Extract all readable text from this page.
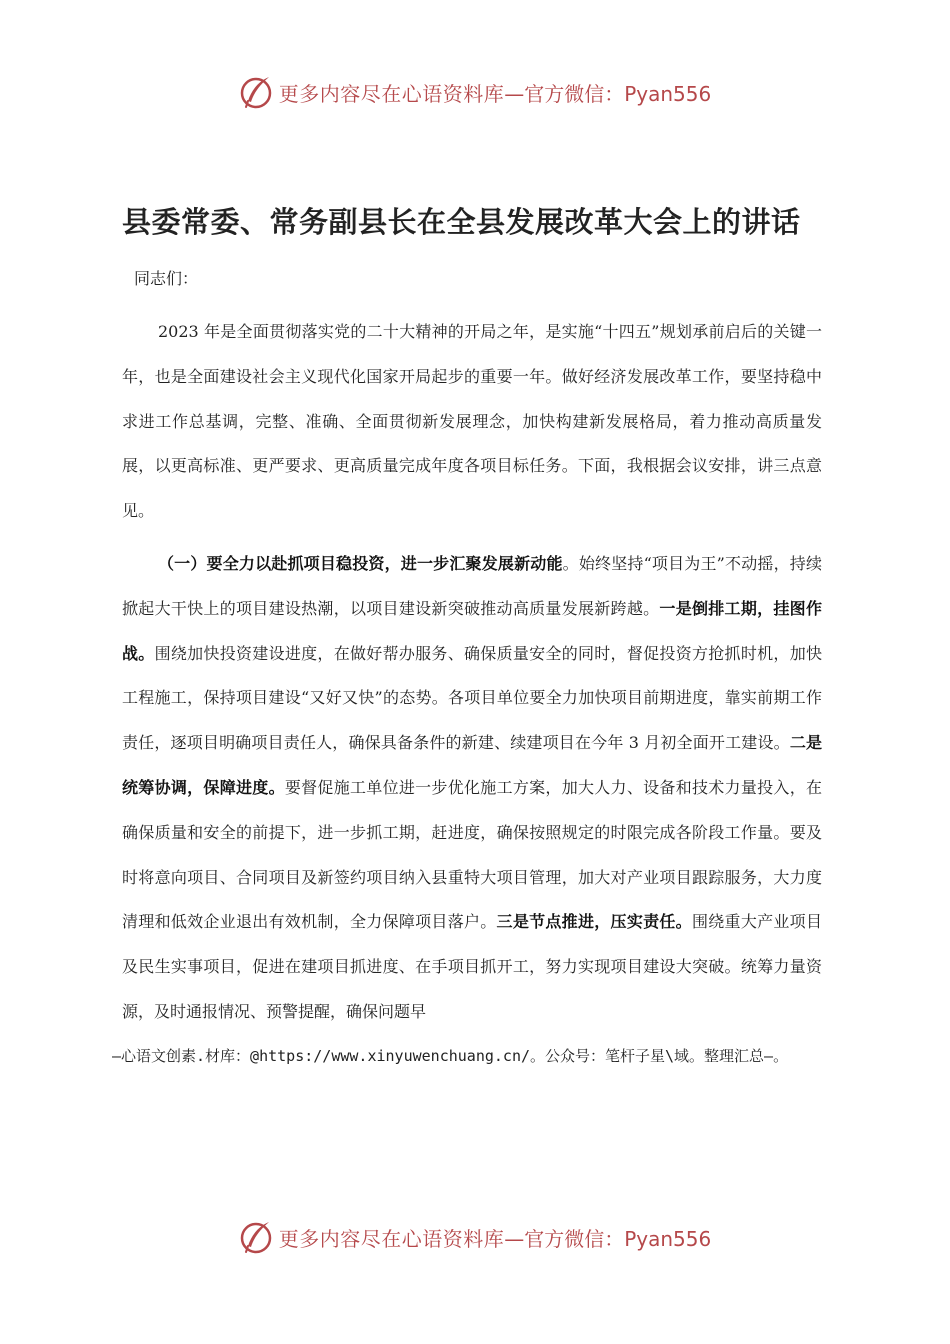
更多内容尽在心语资料库 —官方微信：Pyan556
县委常委、常务副县长在全县发展改革大会上的讲话
同志们：

2023 年是全面贯彻落实党的二十大精神的开局之年，是实施“十四五”规划承前启后的关键一年，也是全面建设社会主义现代化国家开局起步的重要一年。做好经济发展改革工作，要坚持稳中求进工作总基调，完整、准确、全面贯彻新发展理念，加快构建新发展格局，着力推动高质量发展，以更高标准、更严要求、更高质量完成年度各项目标任务。下面，我根据会议安排，讲三点意见。

（一）要全力以赴抓项目稳投资，进一步汇聚发展新动能。始终坚持“项目为王”不动摇，持续掀起大干快上的项目建设热潮，以项目建设新突破推动高质量发展新跨越。一是倒排工期，挂图作战。围绕加快投资建设进度，在做好帮办服务、确保质量安全的同时，督促投资方抢抓时机，加快工程施工，保持项目建设“又好又快”的态势。各项目单位要全力加快项目前期进度，靠实前期工作责任，逐项目明确项目责任人，确保具备条件的新建、续建项目在今年 3 月初全面开工建设。二是统筹协调，保障进度。要督促施工单位进一步优化施工方案，加大人力、设备和技术力量投入，在确保质量和安全的前提下，进一步抓工期，赶进度，确保按照规定的时限完成各阶段工作量。要及时将意向项目、合同项目及新签约项目纳入县重特大项目管理，加大对产业项目跟踪服务，大力度清理和低效企业退出有效机制，全力保障项目落户。三是节点推进，压实责任。围绕重大产业项目及民生实事项目，促进在建项目抓进度、在手项目抓开工，努力实现项目建设大突破。统筹力量资源，及时通报情况、预警提醒，确保问题早

—心语文创素.材库：@https://www.xinyuwenchuang.cn/。公众号：笔杆子星\域。整理汇总—。
更多内容尽在心语资料库 —官方微信：Pyan556
